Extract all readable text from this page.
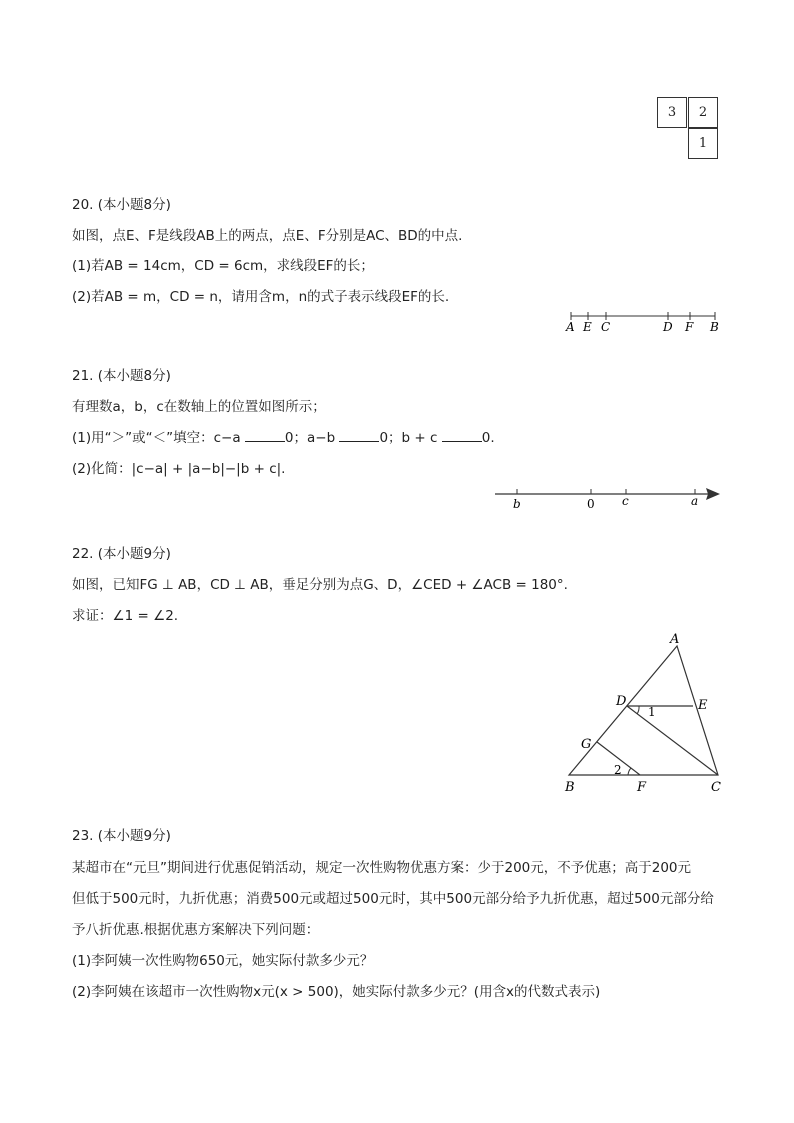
3 2
1
20. (本小题8分)
如图，点E、F是线段AB上的两点，点E、F分别是AC、BD的中点.
(1)若AB = 14cm，CD = 6cm，求线段EF的长；
(2)若AB = m，CD = n，请用含m，n的式子表示线段EF的长.
A E C	D F B
21. (本小题8分)
有理数a，b，c在数轴上的位置如图所示；
(1)用“＞”或“＜”填空：c−a	0；a−b	0；b + c	0.
(2)化简：|c−a| + |a−b|−|b + c|.
b	0 c	a
22. (本小题9分)
如图，已知FG ⊥ AB，CD ⊥ AB，垂足分别为点G、D，∠CED + ∠ACB = 180°.
求证：∠1 = ∠2.
A
D	E
1
G
2
B	F	C
23. (本小题9分)
某超市在“元旦”期间进行优惠促销活动，规定一次性购物优惠方案：少于200元，不予优惠；高于200元
但低于500元时，九折优惠；消费500元或超过500元时，其中500元部分给予九折优惠，超过500元部分给
予八折优惠.根据优惠方案解决下列问题：
(1)李阿姨一次性购物650元，她实际付款多少元？
(2)李阿姨在该超市一次性购物x元(x > 500)，她实际付款多少元？(用含x的代数式表示)
